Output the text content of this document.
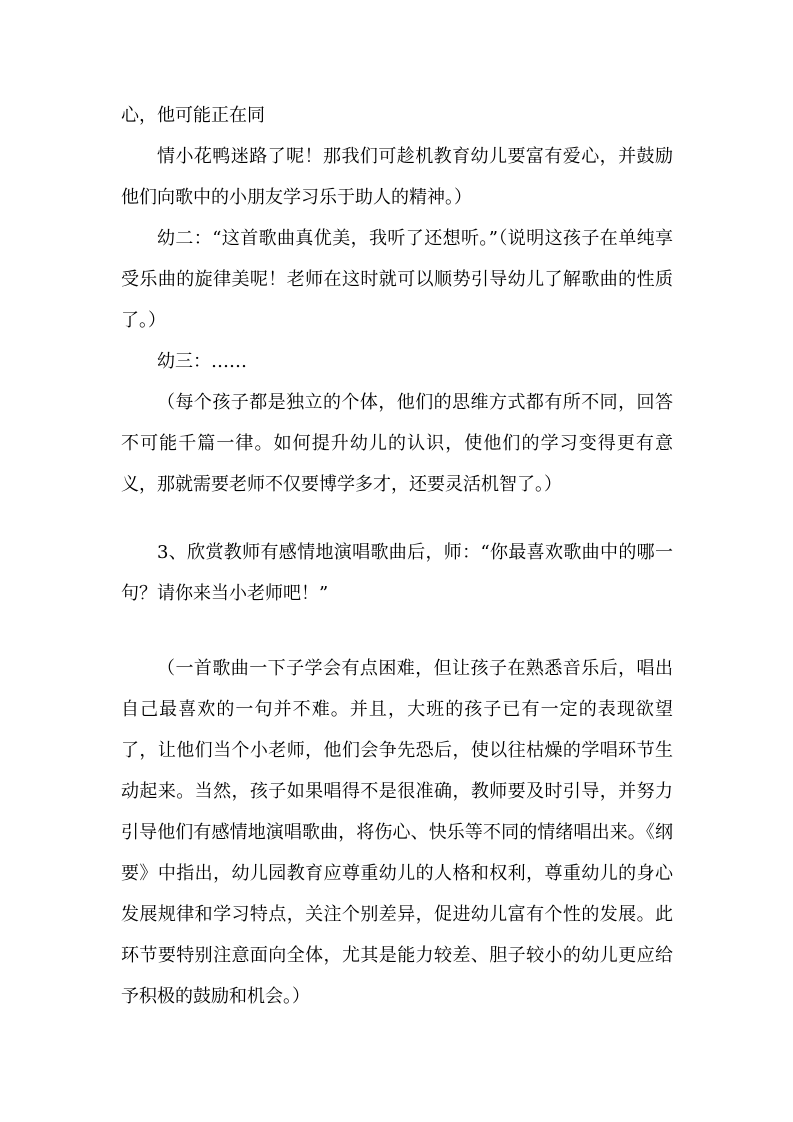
心，他可能正在同

情小花鸭迷路了呢！那我们可趁机教育幼儿要富有爱心，并鼓励他们向歌中的小朋友学习乐于助人的精神。）

幼二：“这首歌曲真优美，我听了还想听。”（说明这孩子在单纯享受乐曲的旋律美呢！老师在这时就可以顺势引导幼儿了解歌曲的性质了。）

幼三：……

（每个孩子都是独立的个体，他们的思维方式都有所不同，回答不可能千篇一律。如何提升幼儿的认识，使他们的学习变得更有意义，那就需要老师不仅要博学多才，还要灵活机智了。）

3、欣赏教师有感情地演唱歌曲后，师：“你最喜欢歌曲中的哪一句？请你来当小老师吧！”

（一首歌曲一下子学会有点困难，但让孩子在熟悉音乐后，唱出自己最喜欢的一句并不难。并且，大班的孩子已有一定的表现欲望了，让他们当个小老师，他们会争先恐后，使以往枯燥的学唱环节生动起来。当然，孩子如果唱得不是很准确，教师要及时引导，并努力引导他们有感情地演唱歌曲，将伤心、快乐等不同的情绪唱出来。《纲要》中指出，幼儿园教育应尊重幼儿的人格和权利，尊重幼儿的身心发展规律和学习特点，关注个别差异，促进幼儿富有个性的发展。此环节要特别注意面向全体，尤其是能力较差、胆子较小的幼儿更应给予积极的鼓励和机会。）
